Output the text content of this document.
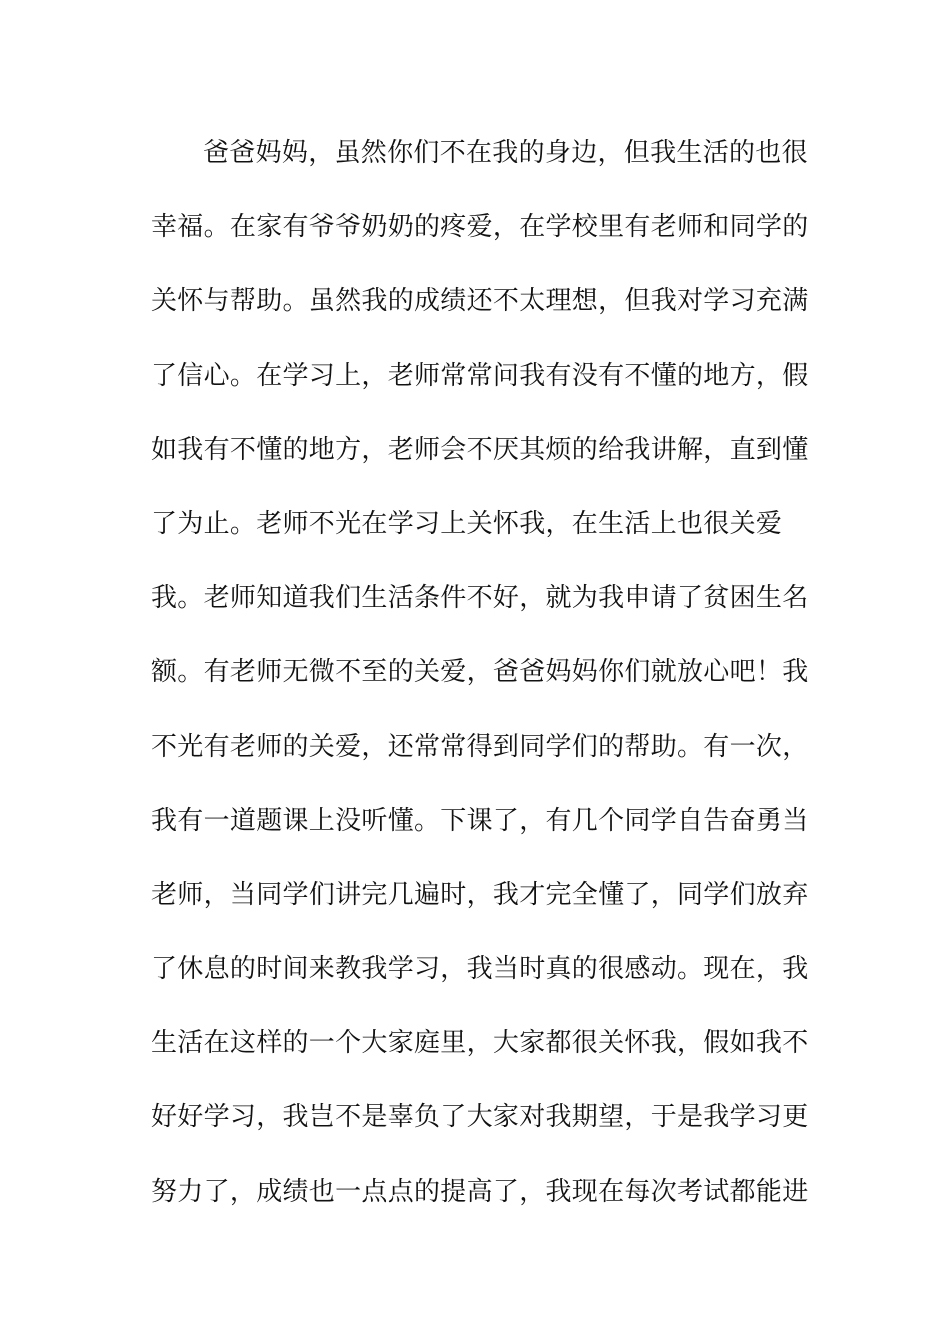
爸爸妈妈，虽然你们不在我的身边，但我生活的也很
幸福。在家有爷爷奶奶的疼爱，在学校里有老师和同学的
关怀与帮助。虽然我的成绩还不太理想，但我对学习充满
了信心。在学习上，老师常常问我有没有不懂的地方，假
如我有不懂的地方，老师会不厌其烦的给我讲解，直到懂
了为止。老师不光在学习上关怀我，在生活上也很关爱
我。老师知道我们生活条件不好，就为我申请了贫困生名
额。有老师无微不至的关爱，爸爸妈妈你们就放心吧！我
不光有老师的关爱，还常常得到同学们的帮助。有一次，
我有一道题课上没听懂。下课了，有几个同学自告奋勇当
老师，当同学们讲完几遍时，我才完全懂了，同学们放弃
了休息的时间来教我学习，我当时真的很感动。现在，我
生活在这样的一个大家庭里，大家都很关怀我，假如我不
好好学习，我岂不是辜负了大家对我期望，于是我学习更
努力了，成绩也一点点的提高了，我现在每次考试都能进
